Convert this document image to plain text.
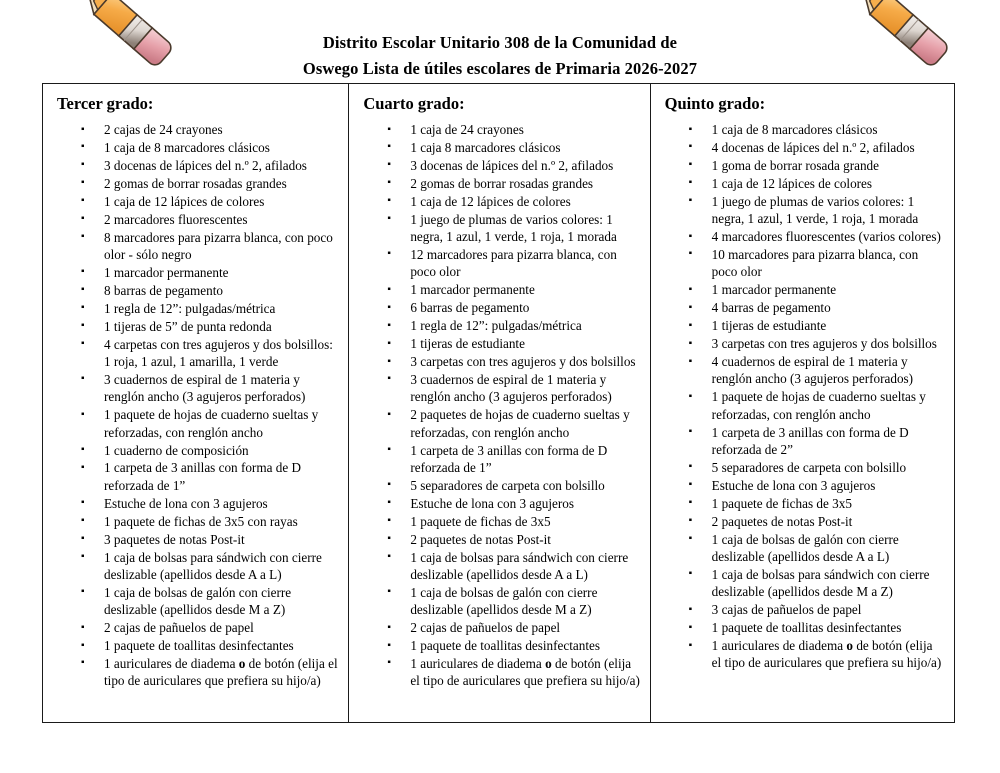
Distrito Escolar Unitario 308 de la Comunidad de
Oswego Lista de útiles escolares de Primaria 2026-2027
Tercer grado:
▪ 2 cajas de 24 crayones
▪ 1 caja de 8 marcadores clásicos
▪ 3 docenas de lápices del n.º 2, afilados
▪ 2 gomas de borrar rosadas grandes
▪ 1 caja de 12 lápices de colores
▪ 2 marcadores fluorescentes
▪ 8 marcadores para pizarra blanca, con poco olor - sólo negro
▪ 1 marcador permanente
▪ 8 barras de pegamento
▪ 1 regla de 12”: pulgadas/métrica
▪ 1 tijeras de 5” de punta redonda
▪ 4 carpetas con tres agujeros y dos bolsillos: 1 roja, 1 azul, 1 amarilla, 1 verde
▪ 3 cuadernos de espiral de 1 materia y renglón ancho (3 agujeros perforados)
▪ 1 paquete de hojas de cuaderno sueltas y reforzadas, con renglón ancho
▪ 1 cuaderno de composición
▪ 1 carpeta de 3 anillas con forma de D reforzada de 1”
▪ Estuche de lona con 3 agujeros
▪ 1 paquete de fichas de 3x5 con rayas
▪ 3 paquetes de notas Post-it
▪ 1 caja de bolsas para sándwich con cierre deslizable (apellidos desde A a L)
▪ 1 caja de bolsas de galón con cierre deslizable (apellidos desde M a Z)
▪ 2 cajas de pañuelos de papel
▪ 1 paquete de toallitas desinfectantes
▪ 1 auriculares de diadema o de botón (elija el tipo de auriculares que prefiera su hijo/a)
Cuarto grado:
▪ 1 caja de 24 crayones
▪ 1 caja 8 marcadores clásicos
▪ 3 docenas de lápices del n.º 2, afilados
▪ 2 gomas de borrar rosadas grandes
▪ 1 caja de 12 lápices de colores
▪ 1 juego de plumas de varios colores: 1 negra, 1 azul, 1 verde, 1 roja, 1 morada
▪ 12 marcadores para pizarra blanca, con poco olor
▪ 1 marcador permanente
▪ 6 barras de pegamento
▪ 1 regla de 12”: pulgadas/métrica
▪ 1 tijeras de estudiante
▪ 3 carpetas con tres agujeros y dos bolsillos
▪ 3 cuadernos de espiral de 1 materia y renglón ancho (3 agujeros perforados)
▪ 2 paquetes de hojas de cuaderno sueltas y reforzadas, con renglón ancho
▪ 1 carpeta de 3 anillas con forma de D reforzada de 1”
▪ 5 separadores de carpeta con bolsillo
▪ Estuche de lona con 3 agujeros
▪ 1 paquete de fichas de 3x5
▪ 2 paquetes de notas Post-it
▪ 1 caja de bolsas para sándwich con cierre deslizable (apellidos desde A a L)
▪ 1 caja de bolsas de galón con cierre deslizable (apellidos desde M a Z)
▪ 2 cajas de pañuelos de papel
▪ 1 paquete de toallitas desinfectantes
▪ 1 auriculares de diadema o de botón (elija el tipo de auriculares que prefiera su hijo/a)
Quinto grado:
▪ 1 caja de 8 marcadores clásicos
▪ 4 docenas de lápices del n.º 2, afilados
▪ 1 goma de borrar rosada grande
▪ 1 caja de 12 lápices de colores
▪ 1 juego de plumas de varios colores: 1 negra, 1 azul, 1 verde, 1 roja, 1 morada
▪ 4 marcadores fluorescentes (varios colores)
▪ 10 marcadores para pizarra blanca, con poco olor
▪ 1 marcador permanente
▪ 4 barras de pegamento
▪ 1 tijeras de estudiante
▪ 3 carpetas con tres agujeros y dos bolsillos
▪ 4 cuadernos de espiral de 1 materia y renglón ancho (3 agujeros perforados)
▪ 1 paquete de hojas de cuaderno sueltas y reforzadas, con renglón ancho
▪ 1 carpeta de 3 anillas con forma de D reforzada de 2”
▪ 5 separadores de carpeta con bolsillo
▪ Estuche de lona con 3 agujeros
▪ 1 paquete de fichas de 3x5
▪ 2 paquetes de notas Post-it
▪ 1 caja de bolsas de galón con cierre deslizable (apellidos desde A a L)
▪ 1 caja de bolsas para sándwich con cierre deslizable (apellidos desde M a Z)
▪ 3 cajas de pañuelos de papel
▪ 1 paquete de toallitas desinfectantes
▪ 1 auriculares de diadema o de botón (elija el tipo de auriculares que prefiera su hijo/a)
